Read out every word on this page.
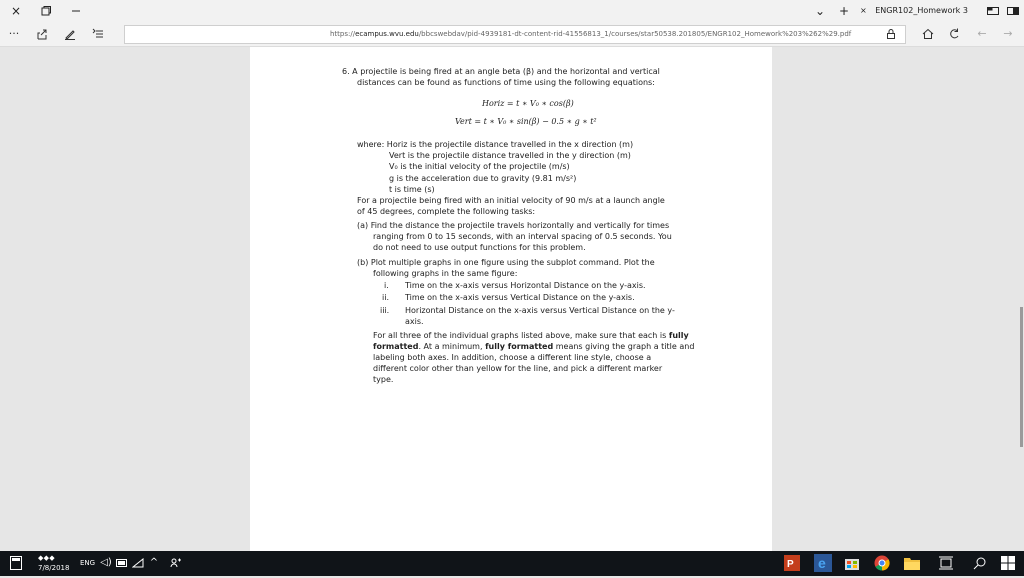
×	⌄ +	× ENGR102_Homework 3
···	https://ecampus.wvu.edu/bbcswebdav/pid-4939181-dt-content-rid-41556813_1/courses/star50538.201805/ENGR102_Homework%203%262%29.pdf	←	→
6. A projectile is being fired at an angle beta (β) and the horizontal and vertical
distances can be found as functions of time using the following equations:
Horiz = t ∗ V₀ ∗ cos(β)
Vert = t ∗ V₀ ∗ sin(β) − 0.5 ∗ g ∗ t²
where: Horiz is the projectile distance travelled in the x direction (m)
Vert is the projectile distance travelled in the y direction (m)
V₀ is the initial velocity of the projectile (m/s)
g is the acceleration due to gravity (9.81 m/s²)
t is time (s)
For a projectile being fired with an initial velocity of 90 m/s at a launch angle
of 45 degrees, complete the following tasks:
(a) Find the distance the projectile travels horizontally and vertically for times
ranging from 0 to 15 seconds, with an interval spacing of 0.5 seconds. You
do not need to use output functions for this problem.
(b) Plot multiple graphs in one figure using the subplot command. Plot the
following graphs in the same figure:
i. Time on the x-axis versus Horizontal Distance on the y-axis.
ii. Time on the x-axis versus Vertical Distance on the y-axis.
iii. Horizontal Distance on the x-axis versus Vertical Distance on the y-
axis.
For all three of the individual graphs listed above, make sure that each is fully
formatted. At a minimum, fully formatted means giving the graph a title and
labeling both axes. In addition, choose a different line style, choose a
different color other than yellow for the line, and pick a different marker
type.
◆ ◆ ◆
7/8/2018
ENG ◁)	^	P e
